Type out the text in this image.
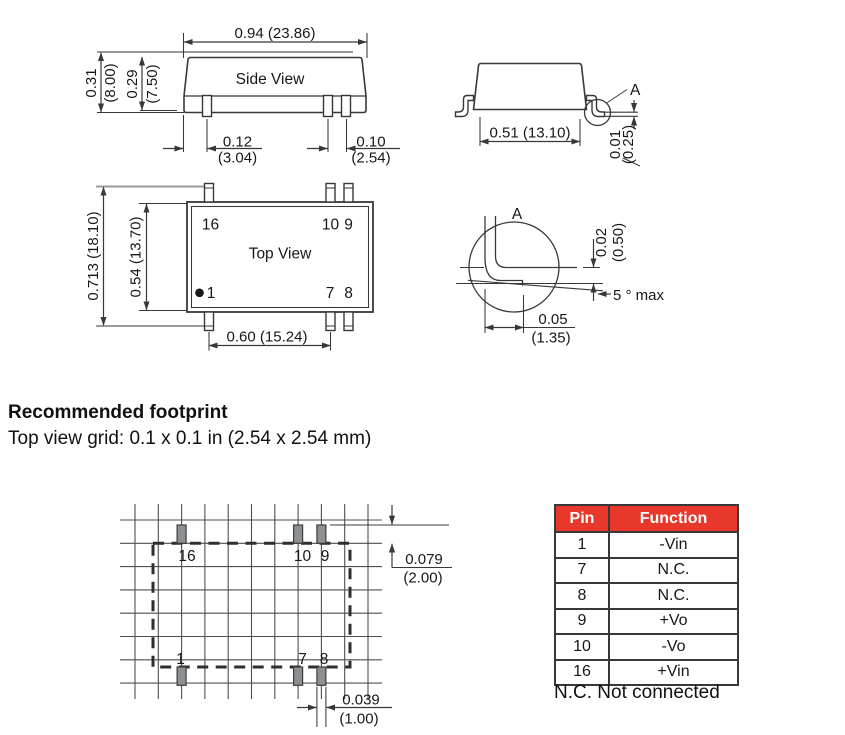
0.94 (23.86)
Side View
0.31 (8.00) 0.29 (7.50)
0.12
(3.04)
0.10
(2.54)
A
0.51 (13.10) 0.01
(0.25)
0.713 (18.10) 0.54 (13.70)	16	10 9
Top View
1	7 8
0.60 (15.24)
A
0.02 (0.50)
5 ° max
0.05
(1.35)
16	10 9
1	7 8
0.079
(2.00)
0.039
(1.00)
Recommended footprint
Top view grid: 0.1 x 0.1 in (2.54 x 2.54 mm)
Pin	Function
1	-Vin
7	N.C.
8	N.C.
9	+Vo
10	-Vo
16	+Vin
N.C. Not connected
